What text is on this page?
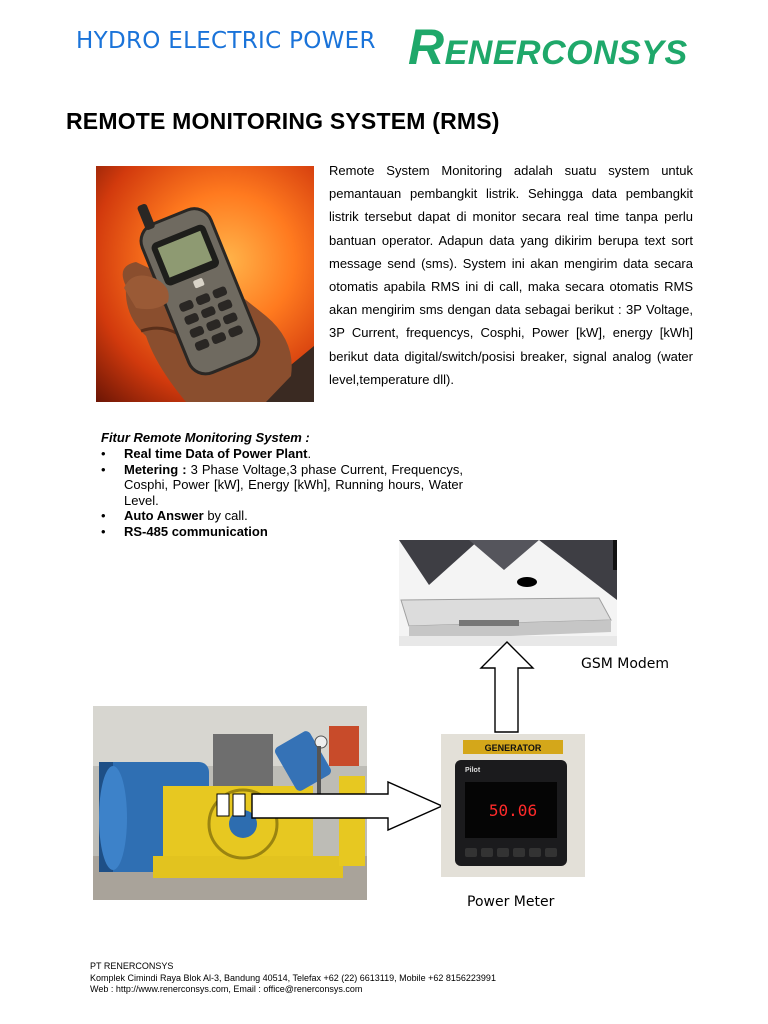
HYDRO ELECTRIC POWER RENERCONSYS
REMOTE MONITORING SYSTEM (RMS)
Remote System Monitoring adalah suatu system untuk pemantauan pembangkit listrik. Sehingga data pembangkit listrik tersebut dapat di monitor secara real time tanpa perlu bantuan operator. Adapun data yang dikirim berupa text sort message send (sms). System ini akan mengirim data secara otomatis apabila RMS ini di call, maka secara otomatis RMS akan mengirim sms dengan data sebagai berikut : 3P Voltage, 3P Current, frequencys, Cosphi, Power [kW], energy [kWh] berikut data digital/switch/posisi breaker, signal analog (water level,temperature dll).
Fitur Remote Monitoring System :
• Real time Data of Power Plant.
• Metering : 3 Phase Voltage,3 phase Current, Frequencys, Cosphi, Power [kW], Energy [kWh], Running hours, Water Level.
• Auto Answer by call.
• RS-485 communication
GSM Modem
GENERATOR
Pilot
50.06
Power Meter
PT RENERCONSYS
Komplek Cimindi Raya Blok Al-3, Bandung 40514, Telefax +62 (22) 6613119, Mobile +62 8156223991
Web : http://www.renerconsys.com, Email : office@renerconsys.com
